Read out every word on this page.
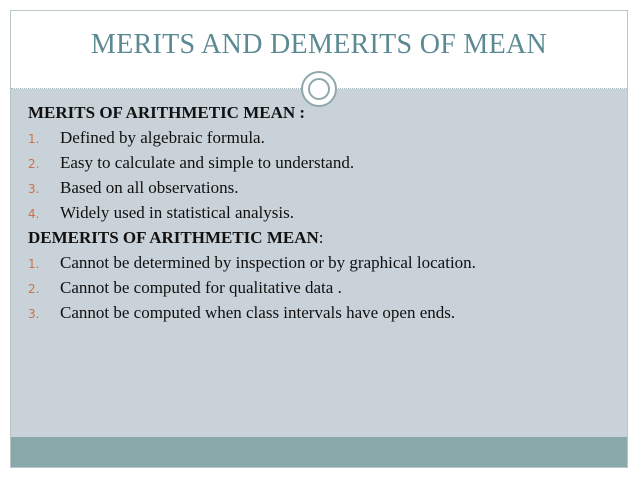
MERITS AND DEMERITS OF MEAN
MERITS OF ARITHMETIC MEAN :
1.	Defined by algebraic formula.
2.	Easy to calculate and simple to understand.
3.	Based on all observations.
4.	Widely used in statistical analysis.
DEMERITS OF ARITHMETIC MEAN :
1.	Cannot be determined by inspection or by graphical location.
2.	Cannot be computed for qualitative data .
3.	Cannot be computed when class intervals have open ends.
